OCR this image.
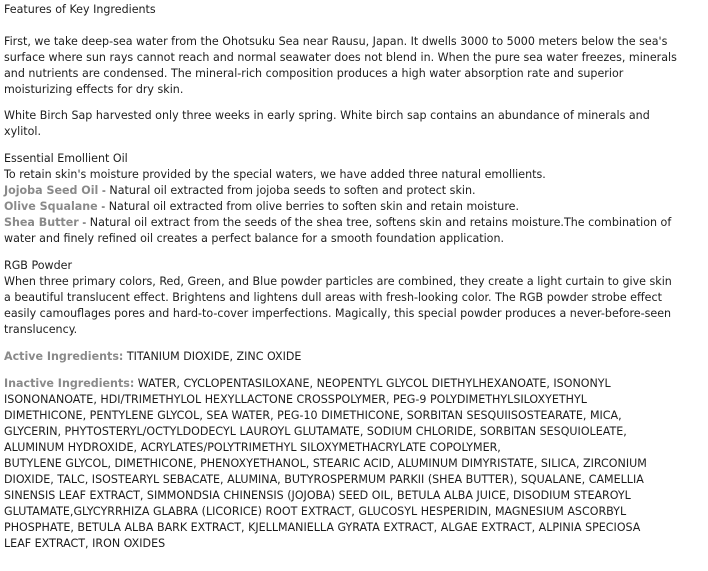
Features of Key Ingredients
First, we take deep-sea water from the Ohotsuku Sea near Rausu, Japan. It dwells 3000 to 5000 meters below the sea's
surface where sun rays cannot reach and normal seawater does not blend in. When the pure sea water freezes, minerals
and nutrients are condensed. The mineral-rich composition produces a high water absorption rate and superior
moisturizing effects for dry skin.
White Birch Sap harvested only three weeks in early spring. White birch sap contains an abundance of minerals and
xylitol.
Essential Emollient Oil
To retain skin's moisture provided by the special waters, we have added three natural emollients.
Jojoba Seed Oil - Natural oil extracted from jojoba seeds to soften and protect skin.
Olive Squalane - Natural oil extracted from olive berries to soften skin and retain moisture.
Shea Butter - Natural oil extract from the seeds of the shea tree, softens skin and retains moisture.The combination of
water and finely refined oil creates a perfect balance for a smooth foundation application.
RGB Powder
When three primary colors, Red, Green, and Blue powder particles are combined, they create a light curtain to give skin
a beautiful translucent effect. Brightens and lightens dull areas with fresh-looking color. The RGB powder strobe effect
easily camouflages pores and hard-to-cover imperfections. Magically, this special powder produces a never-before-seen
translucency.
Active Ingredients: TITANIUM DIOXIDE, ZINC OXIDE
Inactive Ingredients: WATER, CYCLOPENTASILOXANE, NEOPENTYL GLYCOL DIETHYLHEXANOATE, ISONONYL
ISONONANOATE, HDI/TRIMETHYLOL HEXYLLACTONE CROSSPOLYMER, PEG-9 POLYDIMETHYLSILOXYETHYL
DIMETHICONE, PENTYLENE GLYCOL, SEA WATER, PEG-10 DIMETHICONE, SORBITAN SESQUIISOSTEARATE, MICA,
GLYCERIN, PHYTOSTERYL/OCTYLDODECYL LAUROYL GLUTAMATE, SODIUM CHLORIDE, SORBITAN SESQUIOLEATE,
ALUMINUM HYDROXIDE, ACRYLATES/POLYTRIMETHYL SILOXYMETHACRYLATE COPOLYMER,
BUTYLENE GLYCOL, DIMETHICONE, PHENOXYETHANOL, STEARIC ACID, ALUMINUM DIMYRISTATE, SILICA, ZIRCONIUM
DIOXIDE, TALC, ISOSTEARYL SEBACATE, ALUMINA, BUTYROSPERMUM PARKII (SHEA BUTTER), SQUALANE, CAMELLIA
SINENSIS LEAF EXTRACT, SIMMONDSIA CHINENSIS (JOJOBA) SEED OIL, BETULA ALBA JUICE, DISODIUM STEAROYL
GLUTAMATE,GLYCYRRHIZA GLABRA (LICORICE) ROOT EXTRACT, GLUCOSYL HESPERIDIN, MAGNESIUM ASCORBYL
PHOSPHATE, BETULA ALBA BARK EXTRACT, KJELLMANIELLA GYRATA EXTRACT, ALGAE EXTRACT, ALPINIA SPECIOSA
LEAF EXTRACT, IRON OXIDES
